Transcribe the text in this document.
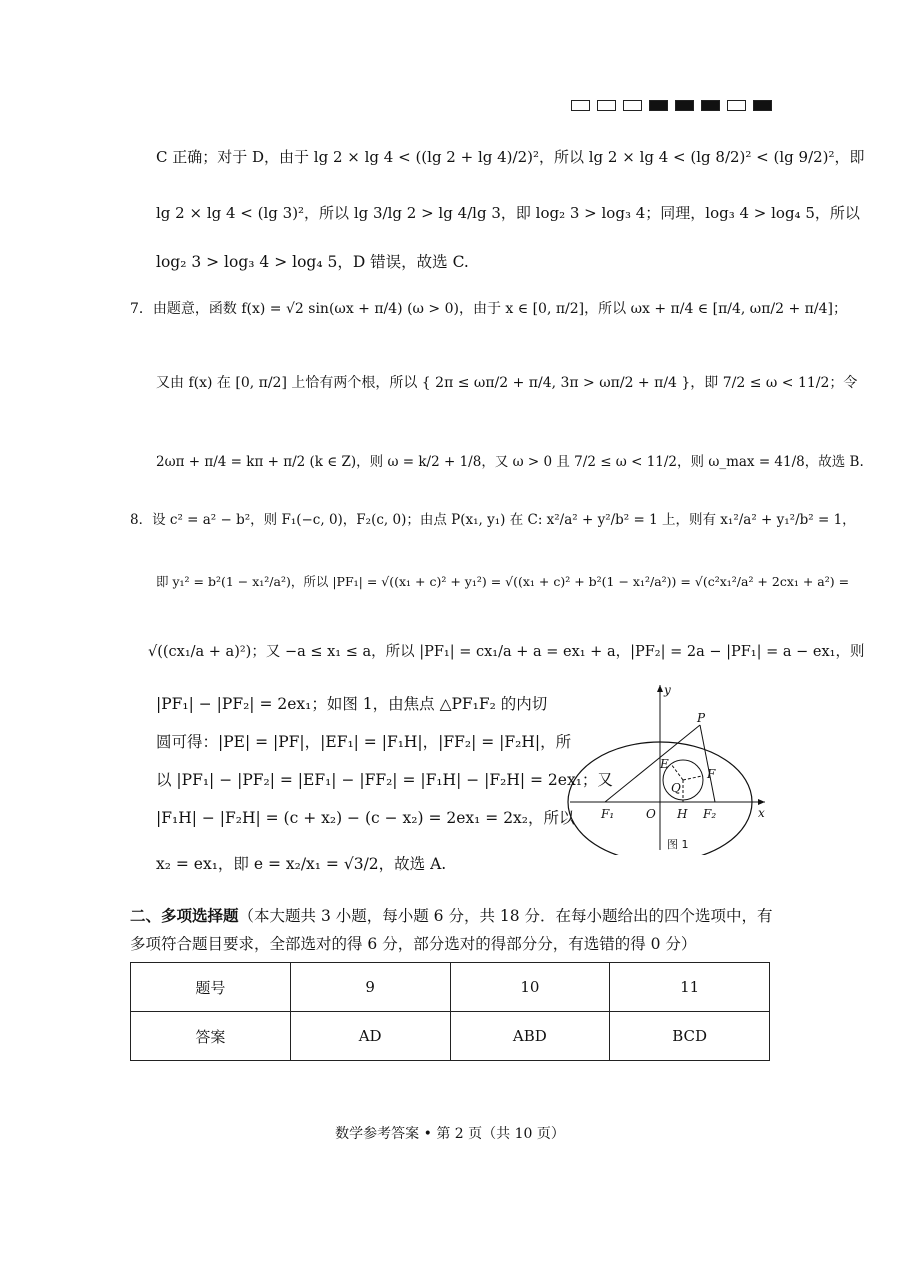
C 正确；对于 D，由于 lg 2 × lg 4 < ((lg 2 + lg 4)/2)²，所以 lg 2 × lg 4 < (lg 8/2)² < (lg 9/2)²，即
lg 2 × lg 4 < (lg 3)²，所以 lg 3/lg 2 > lg 4/lg 3，即 log₂ 3 > log₃ 4；同理，log₃ 4 > log₄ 5，所以
log₂ 3 > log₃ 4 > log₄ 5，D 错误，故选 C.
7．由题意，函数 f(x) = √2 sin(ωx + π/4) (ω > 0)，由于 x ∈ [0, π/2]，所以 ωx + π/4 ∈ [π/4, ωπ/2 + π/4]；
又由 f(x) 在 [0, π/2] 上恰有两个根，所以 { 2π ≤ ωπ/2 + π/4, 3π > ωπ/2 + π/4 }，即 7/2 ≤ ω < 11/2；令
2ωπ + π/4 = kπ + π/2 (k ∈ Z)，则 ω = k/2 + 1/8，又 ω > 0 且 7/2 ≤ ω < 11/2，则 ω_max = 41/8，故选 B.
8．设 c² = a² − b²，则 F₁(−c, 0)，F₂(c, 0)；由点 P(x₁, y₁) 在 C: x²/a² + y²/b² = 1 上，则有 x₁²/a² + y₁²/b² = 1，
即 y₁² = b²(1 − x₁²/a²)，所以 |PF₁| = √((x₁ + c)² + y₁²) = √((x₁ + c)² + b²(1 − x₁²/a²)) = √(c²x₁²/a² + 2cx₁ + a²) =
√((cx₁/a + a)²)；又 −a ≤ x₁ ≤ a，所以 |PF₁| = cx₁/a + a = ex₁ + a，|PF₂| = 2a − |PF₁| = a − ex₁，则
|PF₁| − |PF₂| = 2ex₁；如图 1，由焦点 △PF₁F₂ 的内切
圆可得：|PE| = |PF|，|EF₁| = |F₁H|，|FF₂| = |F₂H|，所
以 |PF₁| − |PF₂| = |EF₁| − |FF₂| = |F₁H| − |F₂H| = 2ex₁；又
|F₁H| − |F₂H| = (c + x₂) − (c − x₂) = 2ex₁ = 2x₂，所以
x₂ = ex₁，即 e = x₂/x₁ = √3/2，故选 A.
y
x
P
E
Q
F
F₁	O H F₂
图 1
二、多项选择题（本大题共 3 小题，每小题 6 分，共 18 分．在每小题给出的四个选项中，有
多项符合题目要求，全部选对的得 6 分，部分选对的得部分分，有选错的得 0 分）
题号	9	10	11
答案	AD	ABD	BCD
数学参考答案 • 第 2 页（共 10 页）
